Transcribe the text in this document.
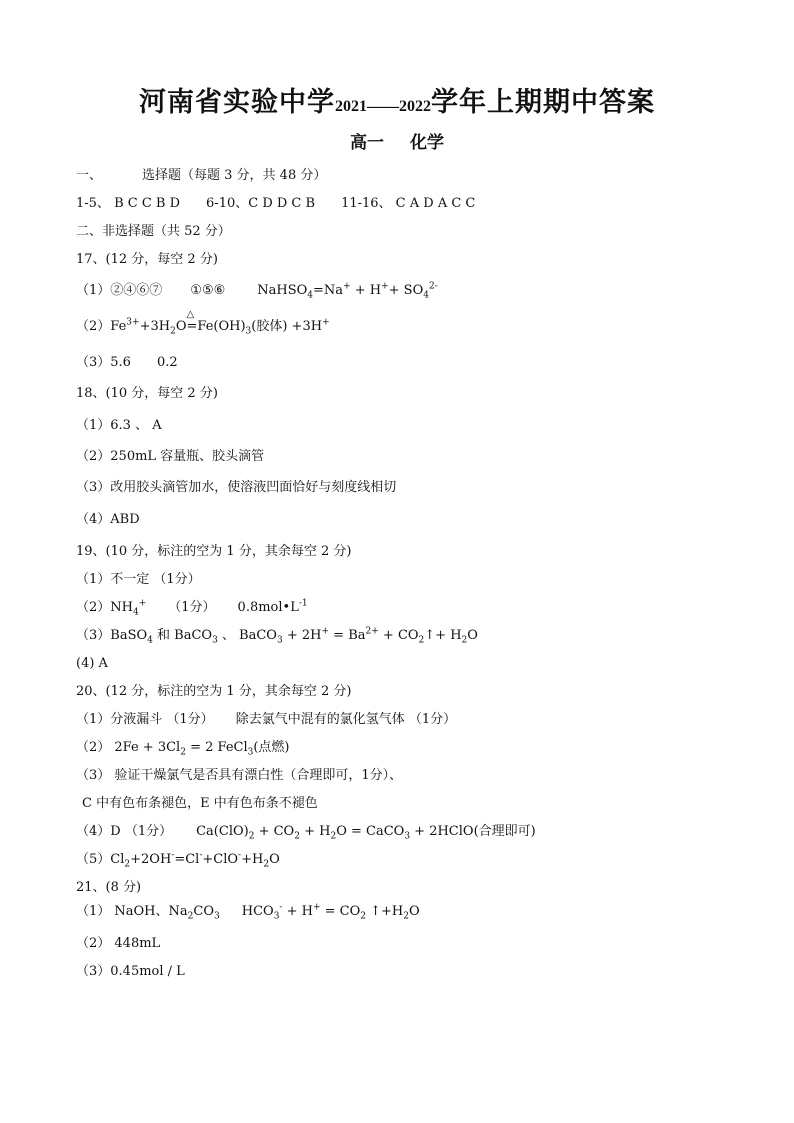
河南省实验中学2021——2022学年上期期中答案
高一 化学
一、	选择题（每题 3 分，共 48 分）
1-5、 B C C B D 6-10、C D D C B 11-16、 C A D A C C
二、非选择题（共 52 分）
17、(12 分，每空 2 分)
（1）②④⑥⑦ ①⑤⑥ NaHSO$_4$=Na+ + $H^++ SO_4^{2-}$
$(2)Fe^{3+}+3H_2O\triangle =Fe(OH)_3$(胶体) +3H+
（3）5.6 0.2
18、(10 分，每空 2 分)
（1）6.3 、 A
（2）250mL 容量瓶、胶头滴管
（3）改用胶头滴管加水，使溶液凹面恰好与刻度线相切
（4）ABD
19、(10 分，标注的空为 1 分，其余每空 2 分)
（1）不一定 （1分）
$(2)NH_4^+$ （1分） $0.8mol•L^{-1}$
（3）BaSO$_4$ 和 BaCO$_3$ 、 BaCO$_3$ + $2H^+ = Ba^{2+}$ + $CO_2↑+ H_2O$
(4) A
20、(12 分，标注的空为 1 分，其余每空 2 分)
（1）分液漏斗 （1分） 除去氯气中混有的氯化氢气体 （1分）
（2） $2Fe + 3Cl_2 = 2$ FeCl$_3$(点燃)
（3） 验证干燥氯气是否具有漂白性（合理即可，1分）、
C 中有色布条褪色，E 中有色布条不褪色
（4）D （1分） $Ca(ClO)_2 + CO_2 + H_2O$ = CaCO$_3$ + 2HClO(合理即可)
$(5)Cl_2+2OH^-=Cl^-+ClO^-+H_2O$
21、(8 分)
（1） NaOH、$Na_2CO_3$ $HCO_3^- + H^+ = CO_2$ $↑+H_2O$
（2） 448mL
（3）0.45mol / L
